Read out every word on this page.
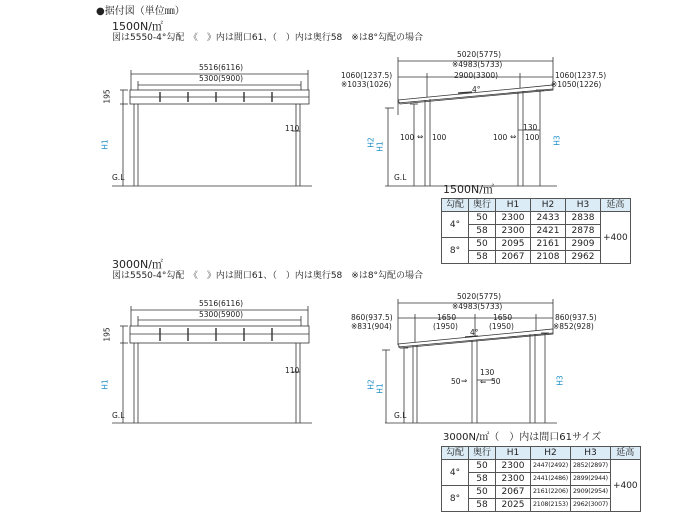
●据付図（単位㎜）
1500N/㎡
図は5550-4°勾配　《　》内は間口61、（　）内は奥行58　※は8°勾配の場合
5516(6116)
5300(5900)
195
H1
110
G.L
5020(5775)
※4983(5733)
1060(1237.5)
※1033(1026)
2900(3300)	1060(1237.5)
※1050(1226)
4°
H2 H1
H3
100 ⇔ 100	100 ⇔ 100
130
G.L
1500N/㎡
勾配	奥行	H1	H2	H3	延高
4°	50	2300	2433	2838	+400
	58	2300	2421	2878	
8°	50	2095	2161	2909	
	58	2067	2108	2962	
3000N/㎡
図は5550-4°勾配　《　》内は間口61、（　）内は奥行58　※は8°勾配の場合
5516(6116)
5300(5900)
195
H1
110
G.L
5020(5775)
※4983(5733)
860(937.5)
※831(904)
1650
(1950)
1650
(1950)
860(937.5)
※852(928)
4°
H2 H1
H3
50 ⇒
130
⇐ 50
G.L
3000N/㎡（　）内は間口61サイズ
勾配	奥行	H1	H2	H3	延高
4°	50	2300	2447(2492)	2852(2897)	+400
	58	2300	2441(2486)	2899(2944)	
8°	50	2067	2161(2206)	2909(2954)	
	58	2025	2108(2153)	2962(3007)	
